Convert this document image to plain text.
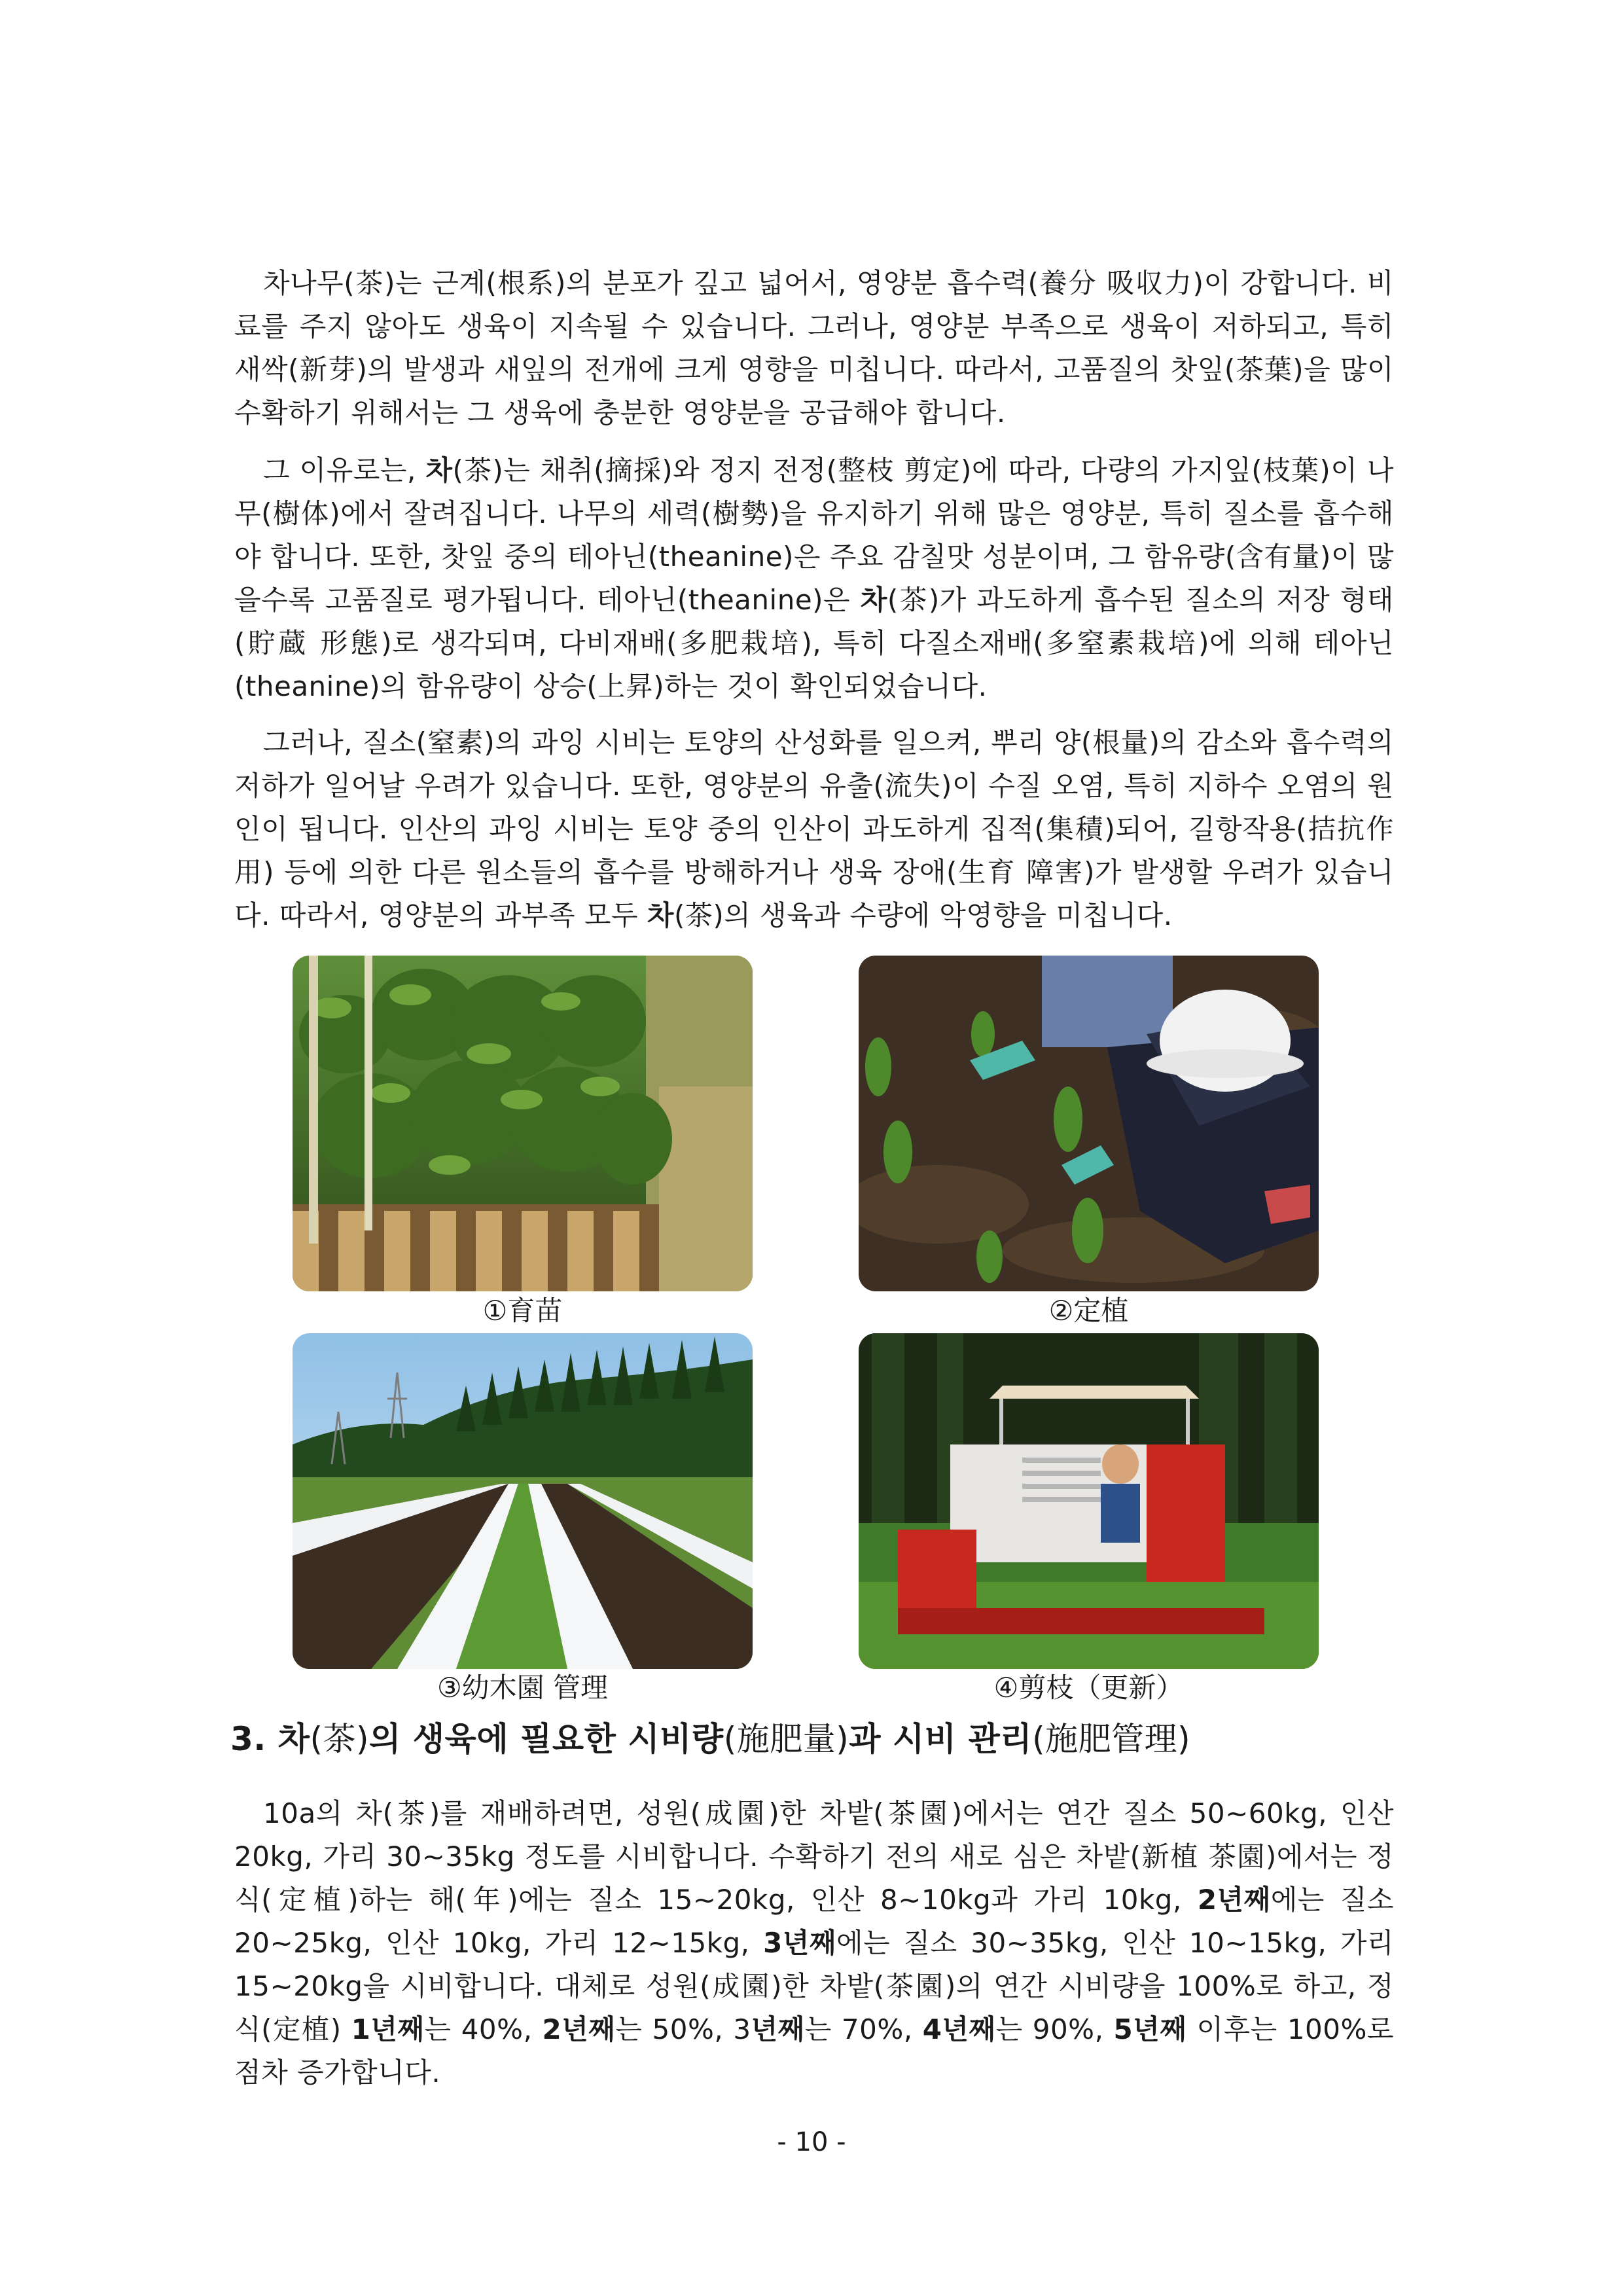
차나무(茶)는 근계(根系)의 분포가 깊고 넓어서, 영양분 흡수력(養分 吸収力)이 강합니다. 비료를 주지 않아도 생육이 지속될 수 있습니다. 그러나, 영양분 부족으로 생육이 저하되고, 특히 새싹(新芽)의 발생과 새잎의 전개에 크게 영향을 미칩니다. 따라서, 고품질의 찻잎(茶葉)을 많이 수확하기 위해서는 그 생육에 충분한 영양분을 공급해야 합니다.

그 이유로는, 차(茶)는 채취(摘採)와 정지 전정(整枝 剪定)에 따라, 다량의 가지잎(枝葉)이 나무(樹体)에서 잘려집니다. 나무의 세력(樹勢)을 유지하기 위해 많은 영양분, 특히 질소를 흡수해야 합니다. 또한, 찻잎 중의 테아닌(theanine)은 주요 감칠맛 성분이며, 그 함유량(含有量)이 많을수록 고품질로 평가됩니다. 테아닌(theanine)은 차(茶)가 과도하게 흡수된 질소의 저장 형태(貯蔵 形態)로 생각되며, 다비재배(多肥栽培), 특히 다질소재배(多窒素栽培)에 의해 테아닌(theanine)의 함유량이 상승(上昇)하는 것이 확인되었습니다.

그러나, 질소(窒素)의 과잉 시비는 토양의 산성화를 일으켜, 뿌리 양(根量)의 감소와 흡수력의 저하가 일어날 우려가 있습니다. 또한, 영양분의 유출(流失)이 수질 오염, 특히 지하수 오염의 원인이 됩니다. 인산의 과잉 시비는 토양 중의 인산이 과도하게 집적(集積)되어, 길항작용(拮抗作用) 등에 의한 다른 원소들의 흡수를 방해하거나 생육 장애(生育 障害)가 발생할 우려가 있습니다. 따라서, 영양분의 과부족 모두 차(茶)의 생육과 수량에 악영향을 미칩니다.

①育苗	②定植
③幼木園 管理	④剪枝（更新）
3. 차(茶)의 생육에 필요한 시비량(施肥量)과 시비 관리(施肥管理)

10a의 차(茶)를 재배하려면, 성원(成園)한 차밭(茶園)에서는 연간 질소 50~60kg, 인산 20kg, 가리 30~35kg 정도를 시비합니다. 수확하기 전의 새로 심은 차밭(新植 茶園)에서는 정식(定植)하는 해(年)에는 질소 15~20kg, 인산 8~10kg과 가리 10kg, 2년째에는 질소 20~25kg, 인산 10kg, 가리 12~15kg, 3년째에는 질소 30~35kg, 인산 10~15kg, 가리 15~20kg을 시비합니다. 대체로 성원(成園)한 차밭(茶園)의 연간 시비량을 100%로 하고, 정식(定植) 1년째는 40%, 2년째는 50%, 3년째는 70%, 4년째는 90%, 5년째 이후는 100%로 점차 증가합니다.

- 10 -
